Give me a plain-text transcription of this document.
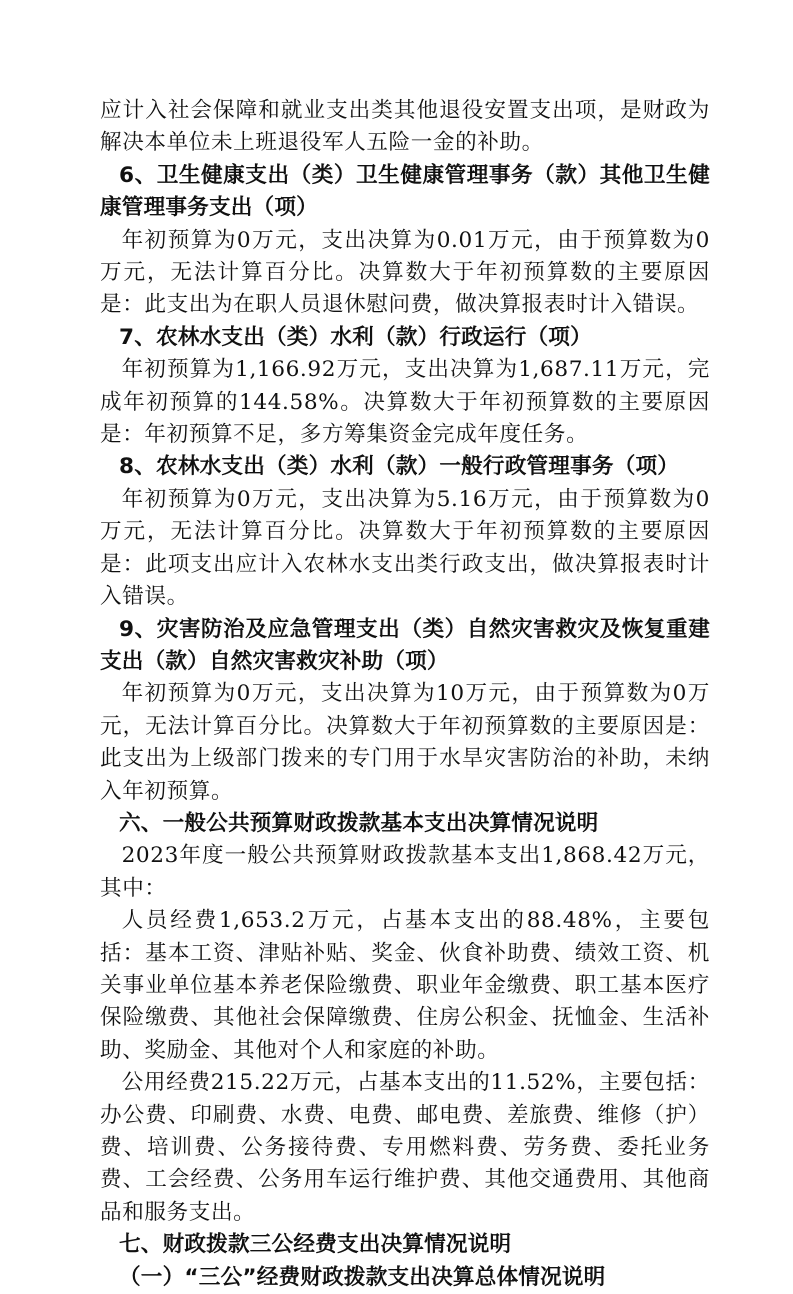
应计入社会保障和就业支出类其他退役安置支出项，是财政为解决本单位未上班退役军人五险一金的补助。

6、卫生健康支出（类）卫生健康管理事务（款）其他卫生健康管理事务支出（项）

年初预算为0万元，支出决算为0.01万元，由于预算数为0万元，无法计算百分比。决算数大于年初预算数的主要原因是：此支出为在职人员退休慰问费，做决算报表时计入错误。

7、农林水支出（类）水利（款）行政运行（项）

年初预算为1,166.92万元，支出决算为1,687.11万元，完成年初预算的144.58%。决算数大于年初预算数的主要原因是：年初预算不足，多方筹集资金完成年度任务。

8、农林水支出（类）水利（款）一般行政管理事务（项）

年初预算为0万元，支出决算为5.16万元，由于预算数为0万元，无法计算百分比。决算数大于年初预算数的主要原因是：此项支出应计入农林水支出类行政支出，做决算报表时计入错误。

9、灾害防治及应急管理支出（类）自然灾害救灾及恢复重建支出（款）自然灾害救灾补助（项）

年初预算为0万元，支出决算为10万元，由于预算数为0万元，无法计算百分比。决算数大于年初预算数的主要原因是：此支出为上级部门拨来的专门用于水旱灾害防治的补助，未纳入年初预算。

六、一般公共预算财政拨款基本支出决算情况说明

2023年度一般公共预算财政拨款基本支出1,868.42万元，其中：

人员经费1,653.2万元，占基本支出的88.48%，主要包括：基本工资、津贴补贴、奖金、伙食补助费、绩效工资、机关事业单位基本养老保险缴费、职业年金缴费、职工基本医疗保险缴费、其他社会保障缴费、住房公积金、抚恤金、生活补助、奖励金、其他对个人和家庭的补助。

公用经费215.22万元，占基本支出的11.52%，主要包括：办公费、印刷费、水费、电费、邮电费、差旅费、维修（护）费、培训费、公务接待费、专用燃料费、劳务费、委托业务费、工会经费、公务用车运行维护费、其他交通费用、其他商品和服务支出。

七、财政拨款三公经费支出决算情况说明

（一）“三公”经费财政拨款支出决算总体情况说明
